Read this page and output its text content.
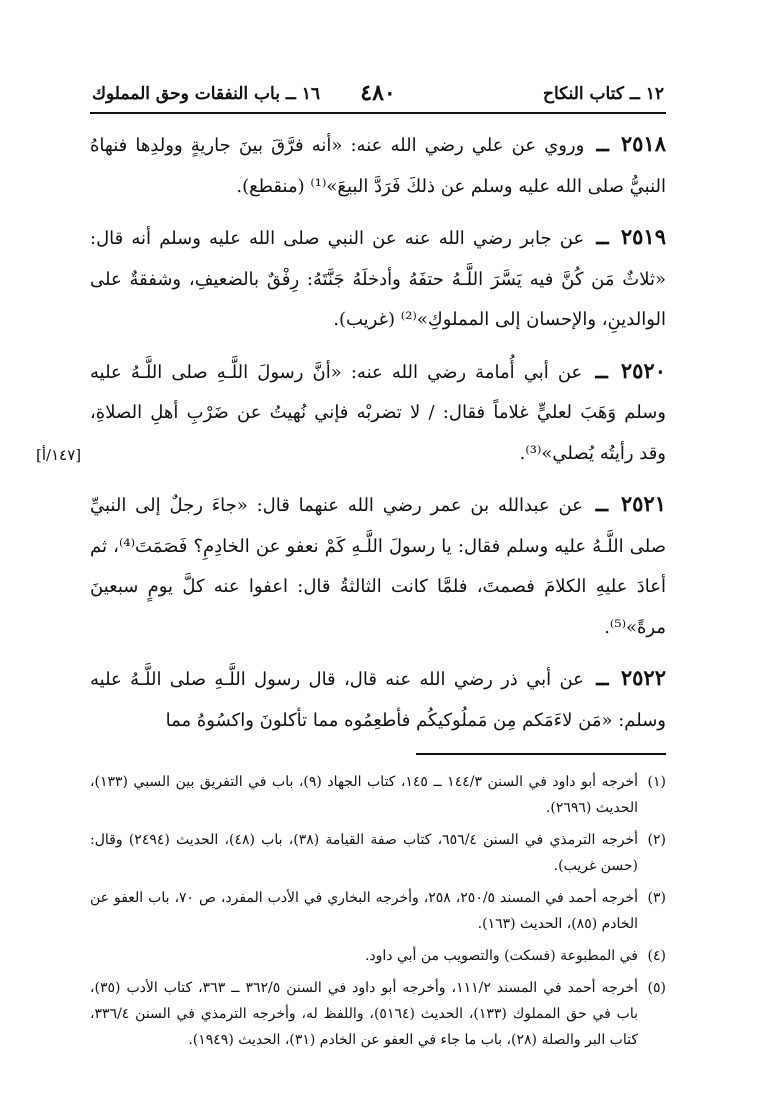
١٢ ــ كتاب النكاح
٤٨٠
١٦ ــ باب النفقات وحق المملوك

٢٥١٨ ــ وروي عن علي رضي الله عنه: «أنه فرَّقَ بينَ جاريةٍ وولدِها فنهاهُ النبيُّ صلى الله عليه وسلم عن ذلكَ فَرَدَّ البيعَ»⁽¹⁾ (منقطع).

٢٥١٩ ــ عن جابر رضي الله عنه عن النبي صلى الله عليه وسلم أنه قال: «ثلاثٌ مَن كُنَّ فيه يَسَّرَ اللَّـهُ حتفَهُ وأدخلَهُ جَنَّتَهُ: رِفْقٌ بالضعيفِ، وشفقةٌ على الوالدينِ، والإحسان إلى المملوكِ»⁽²⁾ (غريب).

[١٤٧/أ]
٢٥٢٠ ــ عن أبي أُمامة رضي الله عنه: «أنَّ رسولَ اللَّـهِ صلى اللَّـهُ عليه وسلم وَهَبَ لعليٍّ غلاماً فقال: / لا تضربْه فإني نُهيتُ عن ضَرْبِ أهلِ الصلاةِ، وقد رأيتُه يُصلي»⁽³⁾.

٢٥٢١ ــ عن عبدالله بن عمر رضي الله عنهما قال: «جاءَ رجلٌ إلى النبيِّ صلى اللَّـهُ عليه وسلم فقال: يا رسولَ اللَّـهِ كَمْ نعفو عن الخادِمِ؟ فَصَمَتَ⁽⁴⁾، ثم أعادَ عليهِ الكلامَ فصمتَ، فلمَّا كانت الثالثةُ قال: اعفوا عنه كلَّ يومٍ سبعينَ مرةً»⁽⁵⁾.

٢٥٢٢ ــ عن أبي ذر رضي الله عنه قال، قال رسول اللَّـهِ صلى اللَّـهُ عليه وسلم: «مَن لاءَمَكم مِن مَملُوكيكُم فأطعِمُوه مما تأكلونَ واكسُوهُ مما

(١)
أخرجه أبو داود في السنن ١٤٤/٣ ــ ١٤٥، كتاب الجهاد (٩)، باب في التفريق بين السبي (١٣٣)، الحديث (٢٦٩٦).

(٢)
أخرجه الترمذي في السنن ٦٥٦/٤، كتاب صفة القيامة (٣٨)، باب (٤٨)، الحديث (٢٤٩٤) وقال: (حسن غريب).

(٣)
أخرجه أحمد في المسند ٢٥٠/٥، ٢٥٨، وأخرجه البخاري في الأدب المفرد، ص ٧٠، باب العفو عن الخادم (٨٥)، الحديث (١٦٣).

(٤)
في المطبوعة (فسكت) والتصويب من أبي داود.

(٥)
أخرجه أحمد في المسند ١١١/٢، وأخرجه أبو داود في السنن ٣٦٢/٥ ــ ٣٦٣، كتاب الأدب (٣٥)، باب في حق المملوك (١٣٣)، الحديث (٥١٦٤)، واللفظ له، وأخرجه الترمذي في السنن ٣٣٦/٤، كتاب البر والصلة (٢٨)، باب ما جاء في العفو عن الخادم (٣١)، الحديث (١٩٤٩).
